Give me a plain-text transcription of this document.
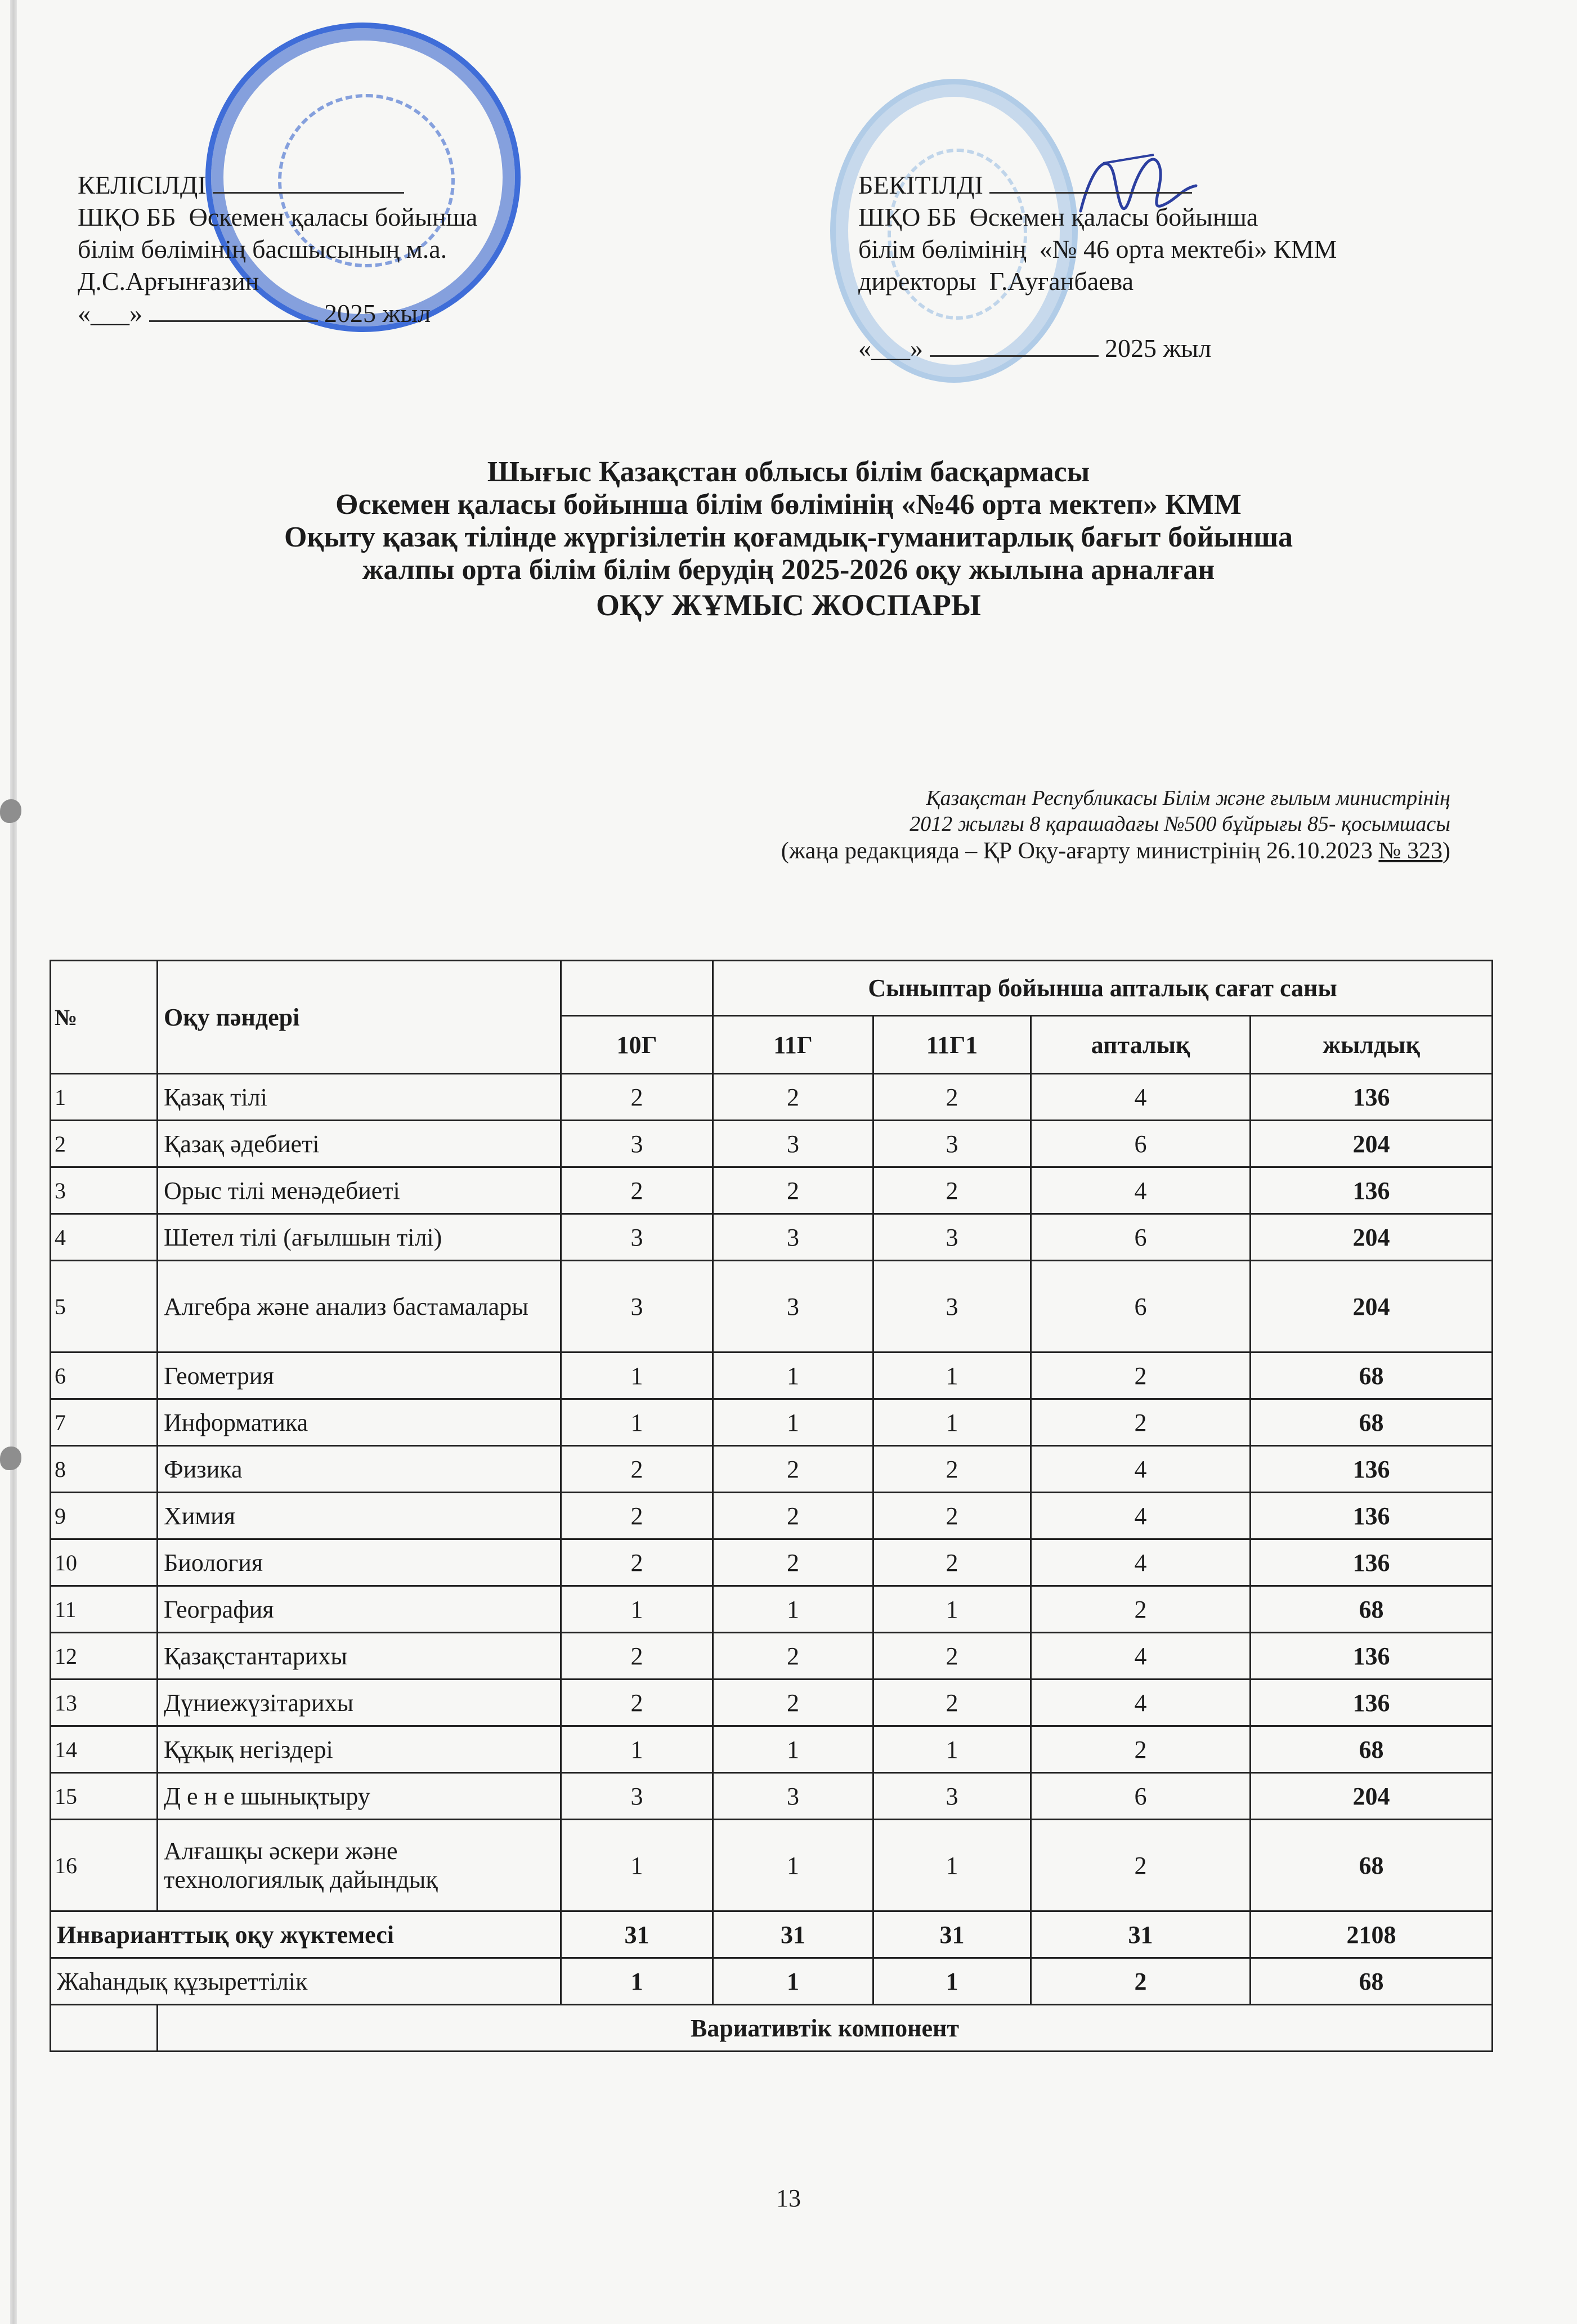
КЕЛІСІЛДІ
ШҚО ББ  Өскемен қаласы бойынша
білім бөлімінің басшысының м.а.
Д.С.Арғынғазин
«___»	2025 жыл
БЕКІТІЛДІ
ШҚО ББ  Өскемен қаласы бойынша
білім бөлімінің  «№ 46 орта мектебі» КММ
директоры  Г.Ауғанбаева
«___»	2025 жыл
Шығыс Қазақстан облысы білім басқармасы
Өскемен қаласы бойынша білім бөлімінің «№46 орта мектеп» КММ
Оқыту қазақ тілінде жүргізілетін қоғамдық-гуманитарлық бағыт бойынша
жалпы орта білім білім берудің 2025-2026 оқу жылына арналған
ОҚУ ЖҰМЫС ЖОСПАРЫ
Қазақстан Республикасы Білім және ғылым министрінің
2012 жылғы 8 қарашадағы №500 бұйрығы 85- қосымшасы
(жаңа редакцияда – ҚР Оқу-ағарту министрінің 26.10.2023 № 323)
№	Оқу пәндері		Сыныптар бойынша апталық сағат саны			
		10Г	11Г	11Г1	апталық	жылдық
1	Қазақ тілі	2	2	2	4	136
2	Қазақ әдебиеті	3	3	3	6	204
3	Орыс тілі менәдебиеті	2	2	2	4	136
4	Шетел тілі (ағылшын тілі)	3	3	3	6	204
5	Алгебра және анализ бастамалары	3	3	3	6	204
6	Геометрия	1	1	1	2	68
7	Информатика	1	1	1	2	68
8	Физика	2	2	2	4	136
9	Химия	2	2	2	4	136
10	Биология	2	2	2	4	136
11	География	1	1	1	2	68
12	Қазақстантарихы	2	2	2	4	136
13	Дүниежүзітарихы	2	2	2	4	136
14	Құқық негіздері	1	1	1	2	68
15	Д е н е шынықтыру	3	3	3	6	204
16	Алғашқы әскери және технологиялық дайындық	1	1	1	2	68
Инварианттық оқу жүктемесі		31	31	31	31	2108
Жаһандық құзыреттілік		1	1	1	2	68
	Вариативтік компонент					
13
